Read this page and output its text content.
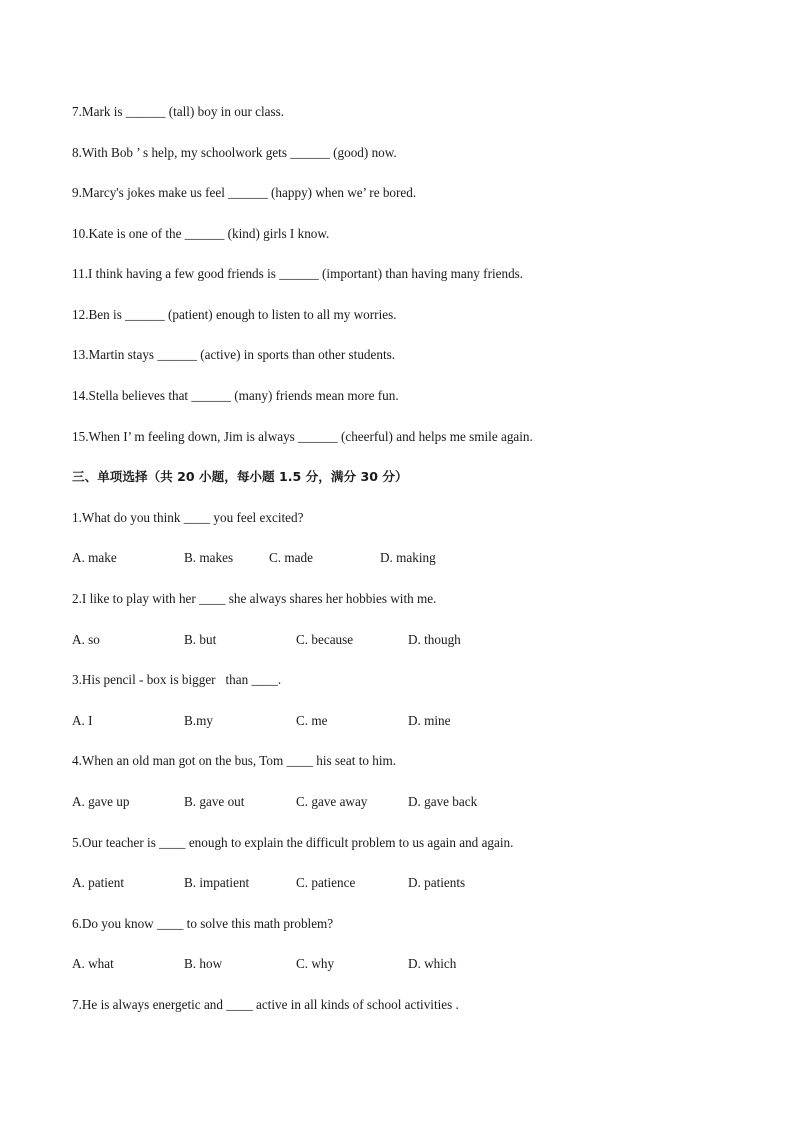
7.Mark is ______ (tall) boy in our class.
8.With Bob ’ s help, my schoolwork gets ______ (good) now.
9.Marcy's jokes make us feel ______ (happy) when we’ re bored.
10.Kate is one of the ______ (kind) girls I know.
11.I think having a few good friends is ______ (important) than having many friends.
12.Ben is ______ (patient) enough to listen to all my worries.
13.Martin stays ______ (active) in sports than other students.
14.Stella believes that ______ (many) friends mean more fun.
15.When I’ m feeling down, Jim is always ______ (cheerful) and helps me smile again.
三、单项选择（共 20 小题，每小题 1.5 分，满分 30 分）
1.What do you think ____ you feel excited?
A. make	B. makes	C. made	D. making
2.I like to play with her ____ she always shares her hobbies with me.
A. so	B. but	C. because	D. though
3.His pencil - box is bigger   than ____.
A. I	B.my	C. me	D. mine
4.When an old man got on the bus, Tom ____ his seat to him.
A. gave up	B. gave out	C. gave away	D. gave back
5.Our teacher is ____ enough to explain the difficult problem to us again and again.
A. patient	B. impatient	C. patience	D. patients
6.Do you know ____ to solve this math problem?
A. what	B. how	C. why	D. which
7.He is always energetic and ____ active in all kinds of school activities .
